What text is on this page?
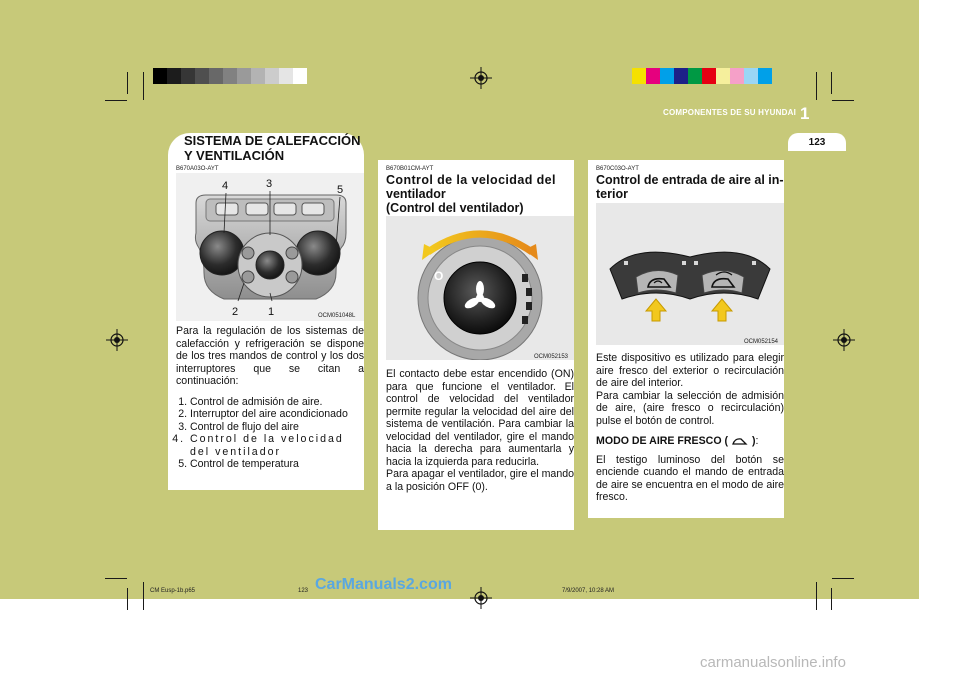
COMPONENTES DE SU HYUNDAI 1
123
SISTEMA DE CALEFACCIÓN
Y VENTILACIÓN
B670A03O-AYT
4	3	5
2	1	OCM051048L
Para la regulación de los sistemas de calefacción y refrigeración se dispone de los tres mandos de control y los dos interruptores que se citan a continuación:
1. Control de admisión de aire.
2. Interruptor del aire acondicionado
3. Control de flujo del aire
4. Control de la velocidad del ventilador
5. Control de temperatura
B670B01CM-AYT
Control de la velocidad del
ventilador
(Control del ventilador)
O
OCM052153
El contacto debe estar encendido (ON) para que funcione el ventilador. El control de velocidad del ventilador permite regular la velocidad del aire del sistema de ventilación. Para cambiar la velocidad del ventilador, gire el mando hacia la derecha para aumentarla y hacia la izquierda para reducirla.
Para apagar el ventilador, gire el mando a la posición OFF (0).
B670C03O-AYT
Control de entrada de aire al in-
terior
OCM052154
Este dispositivo es utilizado para elegir aire fresco del exterior o recirculación de aire del interior.
Para cambiar la selección de admisión de aire, (aire fresco o recirculación) pulse el botón de control.
MODO DE AIRE FRESCO ( ):
El testigo luminoso del botón se enciende cuando el mando de entrada de aire se encuentra en el modo de aire fresco.
CM Eusp-1b.p65	123	7/9/2007, 10:28 AM
CarManuals2.com
carmanualsonline.info
